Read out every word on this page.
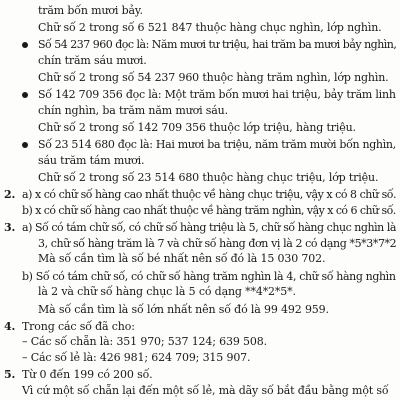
trăm bốn mươi bảy.
Chữ số 2 trong số 6 521 847 thuộc hàng chục nghìn, lớp nghìn.
Số 54 237 960 đọc là: Năm mươi tư triệu, hai trăm ba mươi bảy nghìn,
chín trăm sáu mươi.
Chữ số 2 trong số 54 237 960 thuộc hàng trăm nghìn, lớp nghìn.
Số 142 709 356 đọc là: Một trăm bốn mươi hai triệu, bảy trăm linh
chín nghìn, ba trăm năm mươi sáu.
Chữ số 2 trong số 142 709 356 thuộc lớp triệu, hàng triệu.
Số 23 514 680 đọc là: Hai mươi ba triệu, năm trăm mười bốn nghìn,
sáu trăm tám mươi.
Chữ số 2 trong số 23 514 680 thuộc hàng chục triệu, lớp triệu.
2. a) x có chữ số hàng cao nhất thuộc về hàng chục triệu, vậy x có 8 chữ số.
b) x có chữ số hàng cao nhất thuộc về hàng trăm nghìn, vậy x có 6 chữ số.
3. a) Số có tám chữ số, có chữ số hàng triệu là 5, chữ số hàng chục nghìn là
3, chữ số hàng trăm là 7 và chữ số hàng đơn vị là 2 có dạng *5*3*7*2
Mà số cần tìm là số bé nhất nên số đó là 15 030 702.
b) Số có tám chữ số, có chữ số hàng trăm nghìn là 4, chữ số hàng nghìn
là 2 và chữ số hàng chục là 5 có dạng **4*2*5*.
Mà số cần tìm là số lớn nhất nên số đó là 99 492 959.
4. Trong các số đã cho:
– Các số chẵn là: 351 970; 537 124; 639 508.
– Các số lẻ là: 426 981; 624 709; 315 907.
5. Từ 0 đến 199 có 200 số.
Vì cứ một số chẵn lại đến một số lẻ, mà dãy số bắt đầu bằng một số
